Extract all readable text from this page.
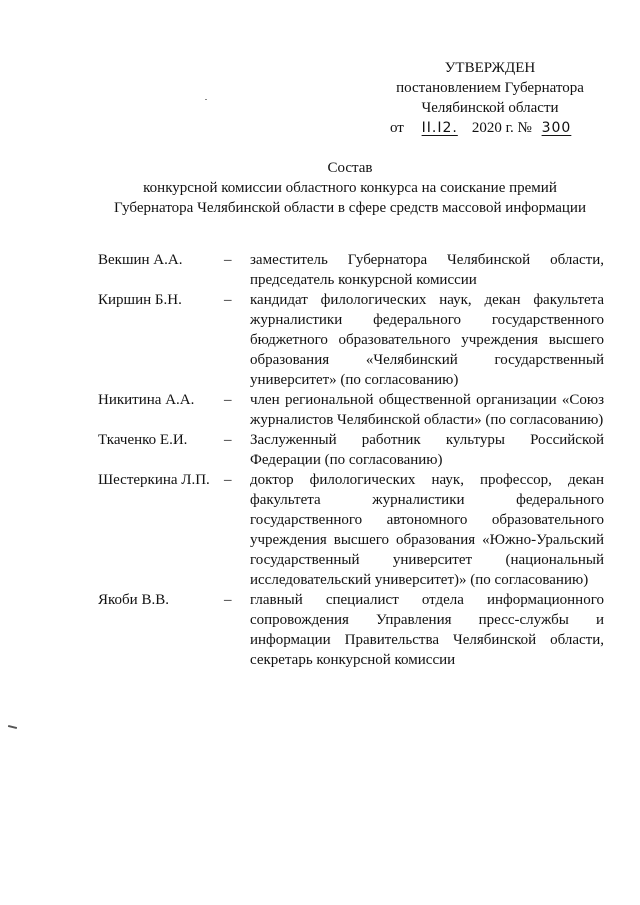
УТВЕРЖДЕН
постановлением Губернатора
Челябинской области
от II.I2. 2020 г. № 300
Состав
конкурсной комиссии областного конкурса на соискание премий
Губернатора Челябинской области в сфере средств массовой информации
Векшин А.А.	–	заместитель Губернатора Челябинской области, председатель конкурсной комиссии
Киршин Б.Н.	–	кандидат филологических наук, декан факультета журналистики федерального государственного бюджетного образовательного учреждения высшего образования «Челябинский государственный университет» (по согласованию)
Никитина А.А.	–	член региональной общественной организации «Союз журналистов Челябинской области» (по согласованию)
Ткаченко Е.И.	–	Заслуженный работник культуры Российской Федерации (по согласованию)
Шестеркина Л.П. –	доктор филологических наук, профессор, декан факультета журналистики федерального государственного автономного образовательного учреждения высшего образования «Южно-Уральский государственный университет (национальный исследовательский университет)» (по согласованию)
Якоби В.В.	–	главный специалист отдела информационного сопровождения Управления пресс-службы и информации Правительства Челябинской области, секретарь конкурсной комиссии
